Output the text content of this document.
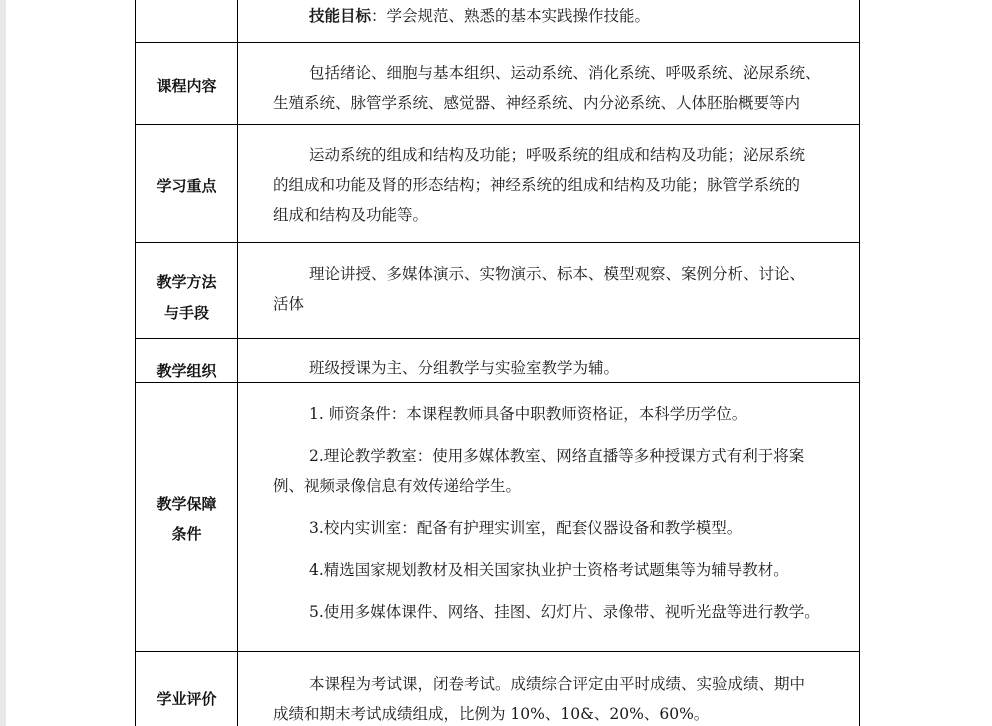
技能目标：学会规范、熟悉的基本实践操作技能。

课程内容

包括绪论、细胞与基本组织、运动系统、消化系统、呼吸系统、泌尿系统、

生殖系统、脉管学系统、感觉器、神经系统、内分泌系统、人体胚胎概要等内

学习重点

运动系统的组成和结构及功能；呼吸系统的组成和结构及功能；泌尿系统

的组成和功能及肾的形态结构；神经系统的组成和结构及功能；脉管学系统的

组成和结构及功能等。

教学方法
与手段

理论讲授、多媒体演示、实物演示、标本、模型观察、案例分析、讨论、

活体

教学组织	班级授课为主、分组教学与实验室教学为辅。

教学保障
条件

1. 师资条件：本课程教师具备中职教师资格证，本科学历学位。

2.理论教学教室：使用多媒体教室、网络直播等多种授课方式有利于将案

例、视频录像信息有效传递给学生。

3.校内实训室：配备有护理实训室，配套仪器设备和教学模型。

4.精选国家规划教材及相关国家执业护士资格考试题集等为辅导教材。

5.使用多媒体课件、网络、挂图、幻灯片、录像带、视听光盘等进行教学。

学业评价

本课程为考试课，闭卷考试。成绩综合评定由平时成绩、实验成绩、期中

成绩和期末考试成绩组成，比例为 10%、10&、20%、60%。
